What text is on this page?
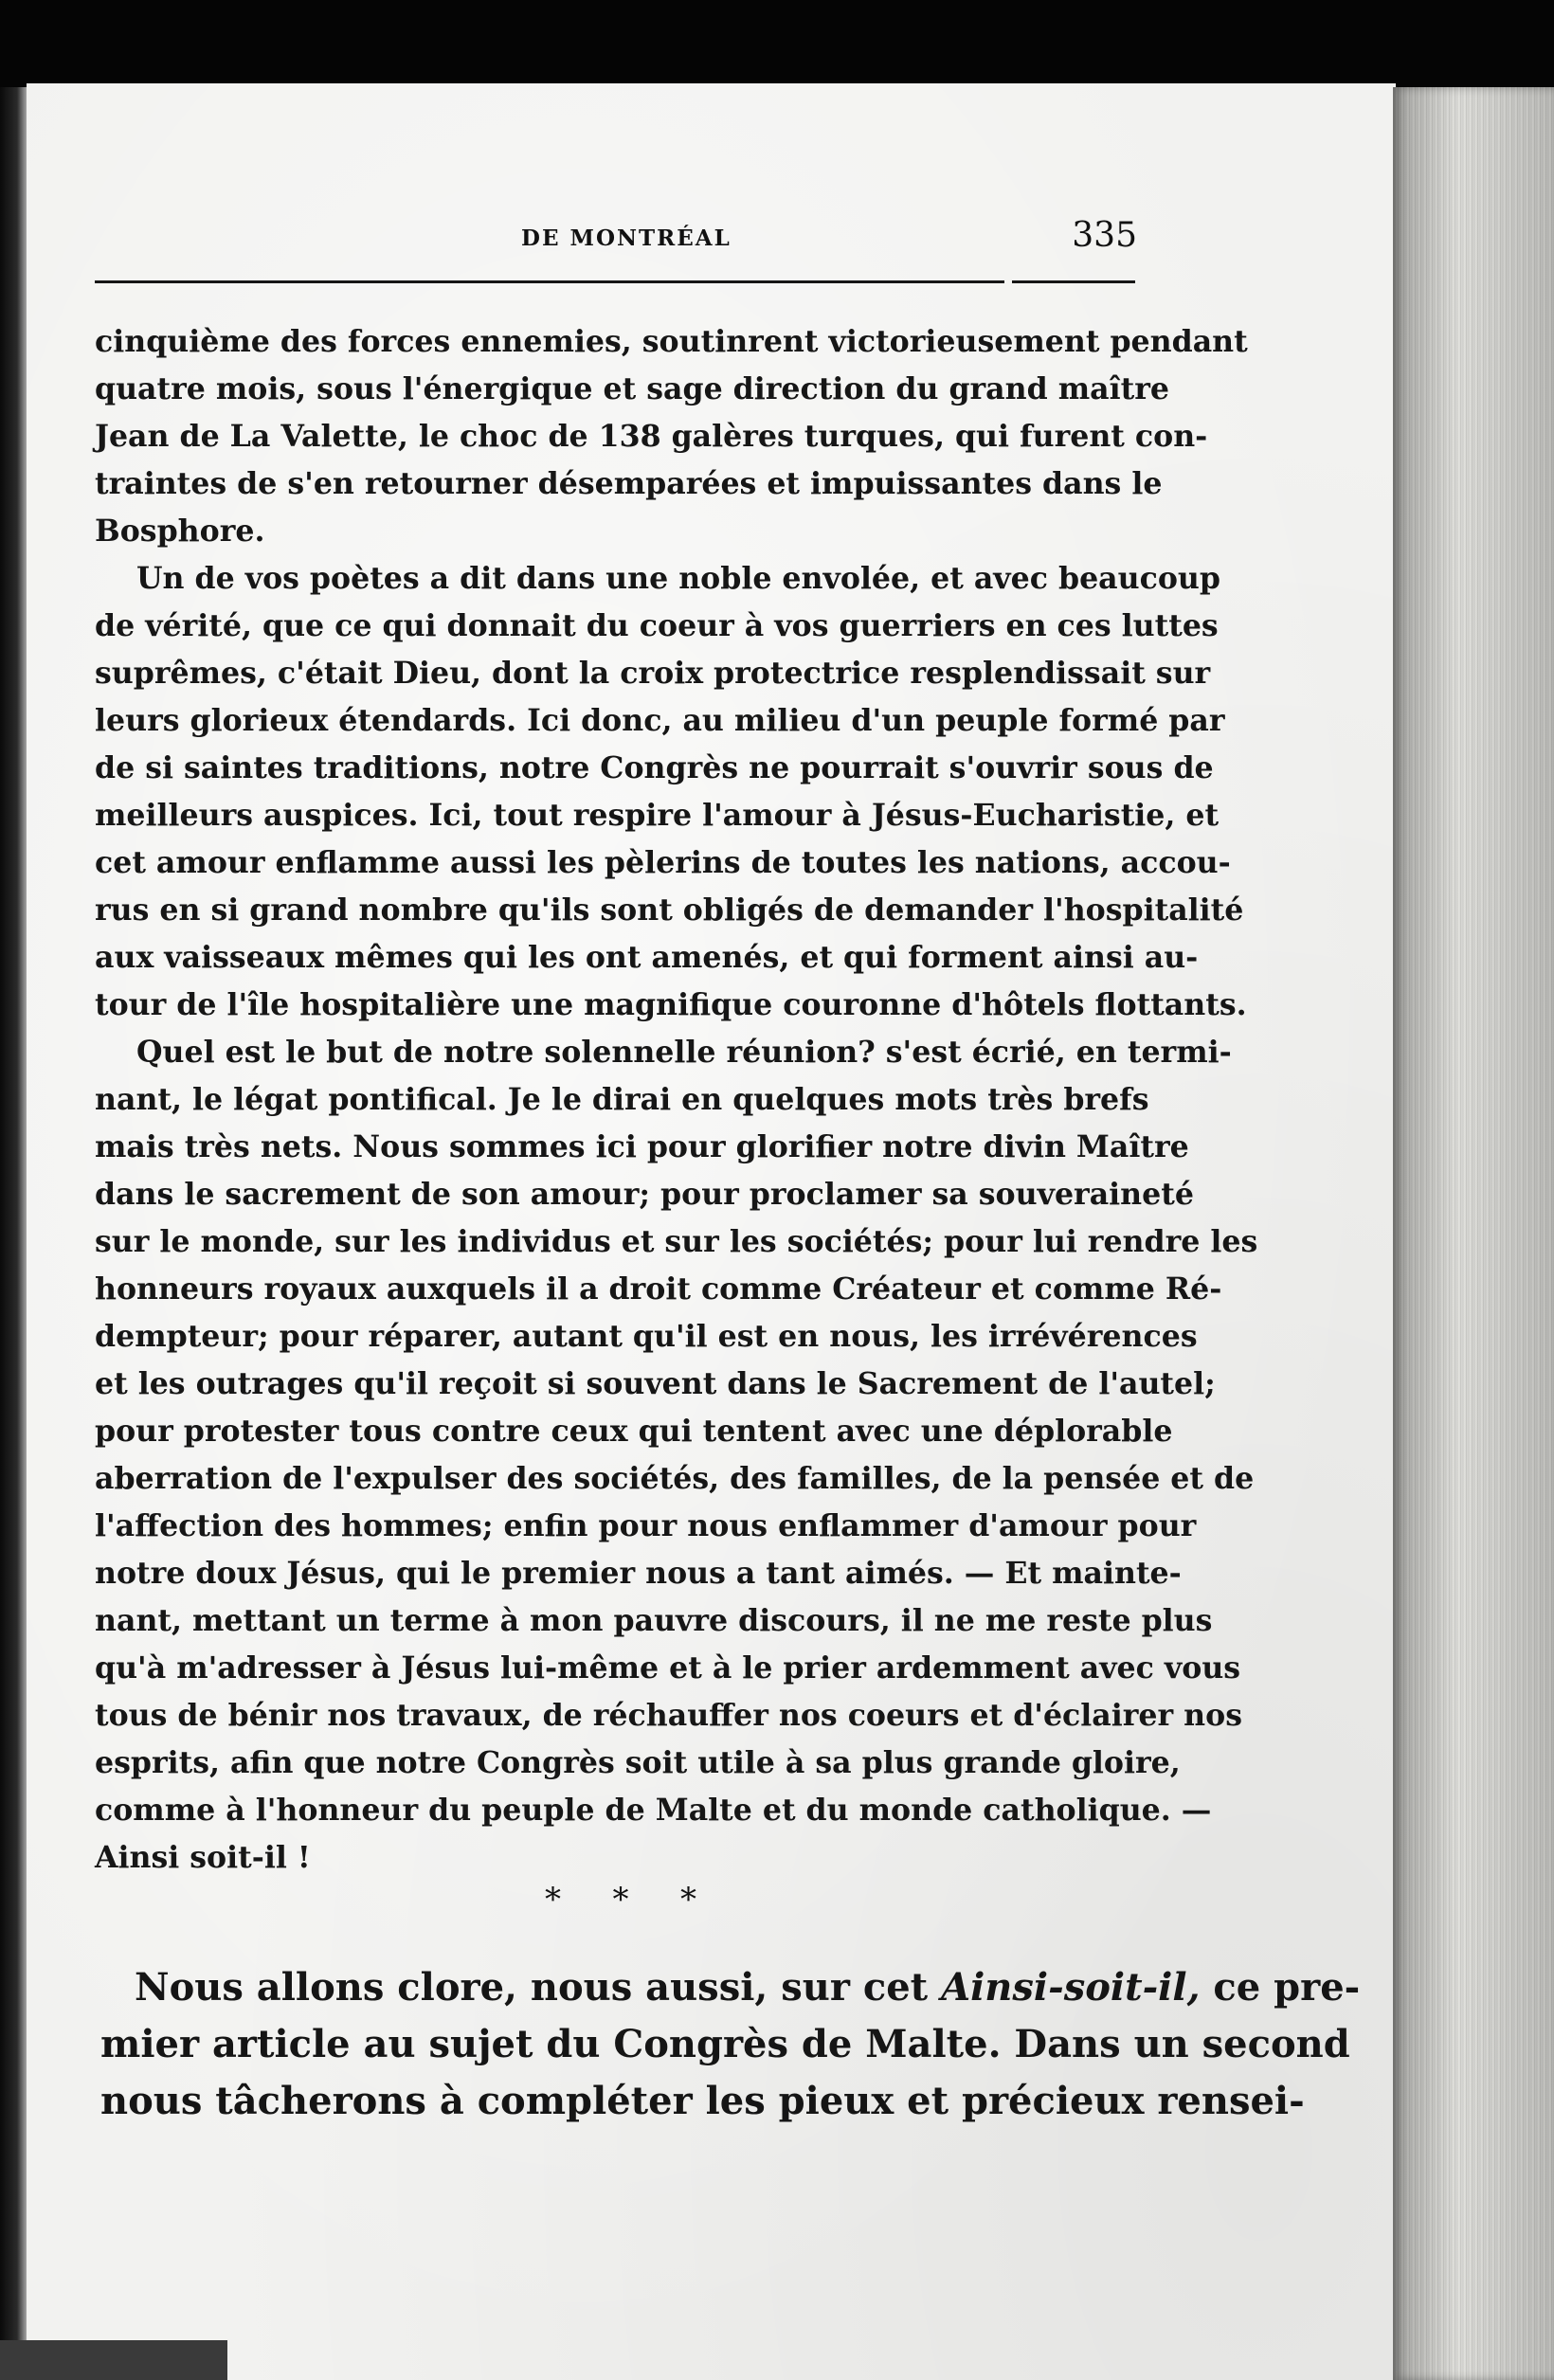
DE MONTRÉAL	335
cinquième des forces ennemies, soutinrent victorieusement pendant
quatre mois, sous l'énergique et sage direction du grand maître
Jean de La Valette, le choc de 138 galères turques, qui furent con-
traintes de s'en retourner désemparées et impuissantes dans le
Bosphore.
Un de vos poètes a dit dans une noble envolée, et avec beaucoup
de vérité, que ce qui donnait du coeur à vos guerriers en ces luttes
suprêmes, c'était Dieu, dont la croix protectrice resplendissait sur
leurs glorieux étendards. Ici donc, au milieu d'un peuple formé par
de si saintes traditions, notre Congrès ne pourrait s'ouvrir sous de
meilleurs auspices. Ici, tout respire l'amour à Jésus-Eucharistie, et
cet amour enflamme aussi les pèlerins de toutes les nations, accou-
rus en si grand nombre qu'ils sont obligés de demander l'hospitalité
aux vaisseaux mêmes qui les ont amenés, et qui forment ainsi au-
tour de l'île hospitalière une magnifique couronne d'hôtels flottants.
Quel est le but de notre solennelle réunion? s'est écrié, en termi-
nant, le légat pontifical. Je le dirai en quelques mots très brefs
mais très nets. Nous sommes ici pour glorifier notre divin Maître
dans le sacrement de son amour; pour proclamer sa souveraineté
sur le monde, sur les individus et sur les sociétés; pour lui rendre les
honneurs royaux auxquels il a droit comme Créateur et comme Ré-
dempteur; pour réparer, autant qu'il est en nous, les irrévérences
et les outrages qu'il reçoit si souvent dans le Sacrement de l'autel;
pour protester tous contre ceux qui tentent avec une déplorable
aberration de l'expulser des sociétés, des familles, de la pensée et de
l'affection des hommes; enfin pour nous enflammer d'amour pour
notre doux Jésus, qui le premier nous a tant aimés. — Et mainte-
nant, mettant un terme à mon pauvre discours, il ne me reste plus
qu'à m'adresser à Jésus lui-même et à le prier ardemment avec vous
tous de bénir nos travaux, de réchauffer nos coeurs et d'éclairer nos
esprits, afin que notre Congrès soit utile à sa plus grande gloire,
comme à l'honneur du peuple de Malte et du monde catholique. —
Ainsi soit-il !
* * *
Nous allons clore, nous aussi, sur cet Ainsi-soit-il, ce pre-
mier article au sujet du Congrès de Malte. Dans un second
nous tâcherons à compléter les pieux et précieux rensei-
